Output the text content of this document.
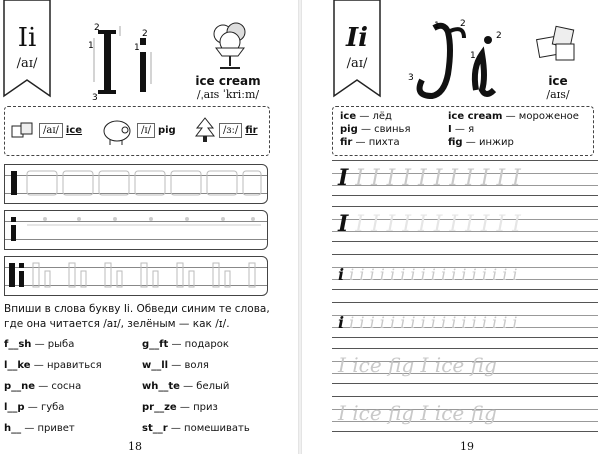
Ii
/aɪ/
2
1
3
1
2
ice cream
/ˌaɪs ˈkriːm/
/aɪ/ ice	/ɪ/ pig	/ɜː/ fir
Впиши в слова букву Ii. Обведи синим те слова, где она читается /aɪ/, зелёным — как /ɪ/.
f__sh — рыба
l__ke — нравиться
p__ne — сосна
l__p — губа
h__ — привет
g__ft — подарок
w__ll — воля
wh__te — белый
pr__ze — приз
st__r — помешивать
18
Ii
/aɪ/
3
1 2
1
2
ice
/aɪs/
ice — лёд
pig — свинья
fir — пихта
ice cream — мороженое
I — я
fig — инжир
I I I I I I I I I I I I
I I I I I I I I I I I I
i i i i i i i i i i i i i i i i i i
i i i i i i i i i i i i i i i i i i
I ice fig I ice fig
I ice fig I ice fig
19
